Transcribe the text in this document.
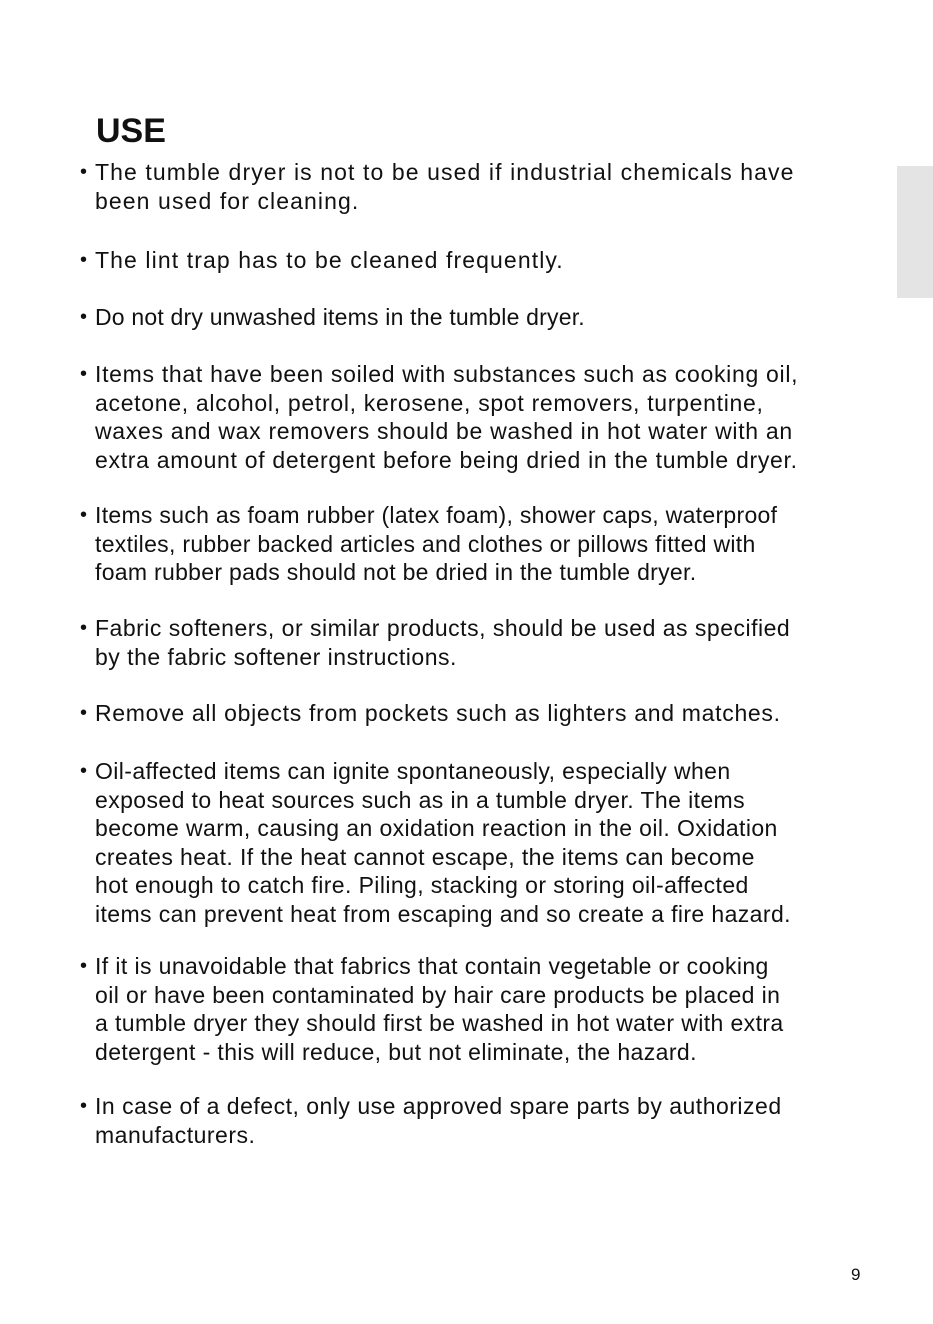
USE
• The tumble dryer is not to be used if industrial chemicals have
been used for cleaning.
• The lint trap has to be cleaned frequently.
• Do not dry unwashed items in the tumble dryer.
• Items that have been soiled with substances such as cooking oil,
acetone, alcohol, petrol, kerosene, spot removers, turpentine,
waxes and wax removers should be washed in hot water with an
extra amount of detergent before being dried in the tumble dryer.
• Items such as foam rubber (latex foam), shower caps, waterproof
textiles, rubber backed articles and clothes or pillows fitted with
foam rubber pads should not be dried in the tumble dryer.
• Fabric softeners, or similar products, should be used as specified
by the fabric softener instructions.
• Remove all objects from pockets such as lighters and matches.
• Oil-affected items can ignite spontaneously, especially when
exposed to heat sources such as in a tumble dryer. The items
become warm, causing an oxidation reaction in the oil. Oxidation
creates heat. If the heat cannot escape, the items can become
hot enough to catch fire. Piling, stacking or storing oil-affected
items can prevent heat from escaping and so create a fire hazard.
• If it is unavoidable that fabrics that contain vegetable or cooking
oil or have been contaminated by hair care products be placed in
a tumble dryer they should first be washed in hot water with extra
detergent - this will reduce, but not eliminate, the hazard.
• In case of a defect, only use approved spare parts by authorized
manufacturers.
9
